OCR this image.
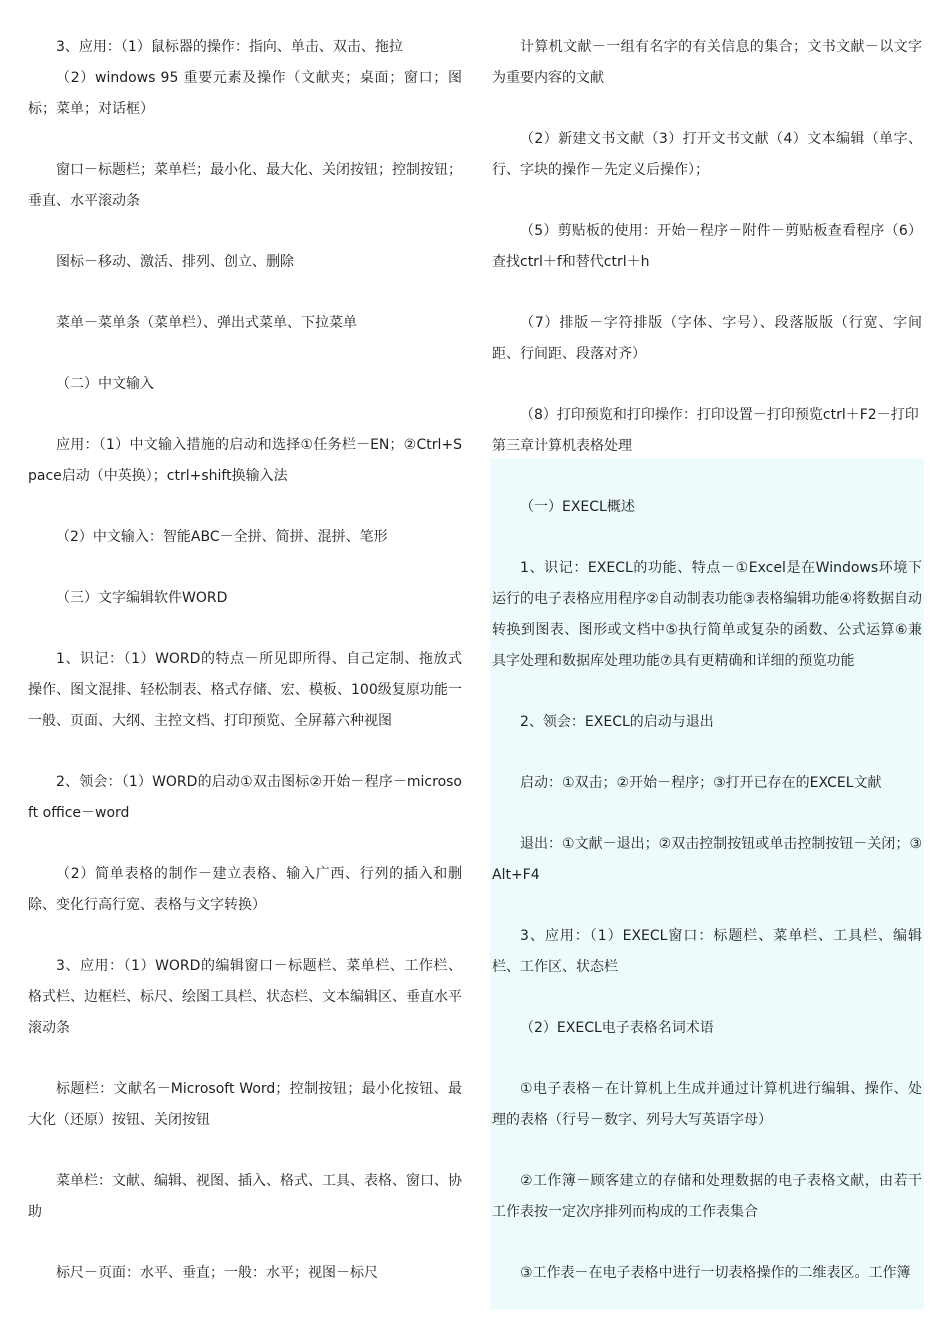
3、应用：（1）鼠标器的操作：指向、单击、双击、拖拉

（2）windows 95 重要元素及操作（文献夹；桌面；窗口；图标；菜单；对话框）

窗口－标题栏；菜单栏；最小化、最大化、关闭按钮；控制按钮；垂直、水平滚动条

图标－移动、激活、排列、创立、删除

菜单－菜单条（菜单栏）、弹出式菜单、下拉菜单

（二）中文输入

应用：（1）中文输入措施的启动和选择①任务栏－EN；②Ctrl+Space启动（中英换）；ctrl+shift换输入法

（2）中文输入：智能ABC－全拼、简拼、混拼、笔形

（三）文字编辑软件WORD

1、识记：（1）WORD的特点－所见即所得、自己定制、拖放式操作、图文混排、轻松制表、格式存储、宏、模板、100级复原功能一一般、页面、大纲、主控文档、打印预览、全屏幕六种视图

2、领会：（1）WORD的启动①双击图标②开始－程序－microsoft office－word

（2）简单表格的制作－建立表格、输入广西、行列的插入和删除、变化行高行宽、表格与文字转换）

3、应用：（1）WORD的编辑窗口－标题栏、菜单栏、工作栏、格式栏、边框栏、标尺、绘图工具栏、状态栏、文本编辑区、垂直水平滚动条

标题栏：文献名－Microsoft Word；控制按钮；最小化按钮、最大化（还原）按钮、关闭按钮

菜单栏：文献、编辑、视图、插入、格式、工具、表格、窗口、协助

标尺－页面：水平、垂直；一般：水平；视图－标尺

计算机文献－一组有名字的有关信息的集合；文书文献－以文字为重要内容的文献

（2）新建文书文献（3）打开文书文献（4）文本编辑（单字、行、字块的操作－先定义后操作）；

（5）剪贴板的使用：开始－程序－附件－剪贴板查看程序（6）查找ctrl＋f和替代ctrl＋h

（7）排版－字符排版（字体、字号）、段落版版（行宽、字间距、行间距、段落对齐）

（8）打印预览和打印操作：打印设置－打印预览ctrl＋F2－打印

第三章计算机表格处理

（一）EXECL概述

1、识记：EXECL的功能、特点－①Excel是在Windows环境下运行的电子表格应用程序②自动制表功能③表格编辑功能④将数据自动转换到图表、图形或文档中⑤执行简单或复杂的函数、公式运算⑥兼具字处理和数据库处理功能⑦具有更精确和详细的预览功能

2、领会：EXECL的启动与退出

启动：①双击；②开始－程序；③打开已存在的EXCEL文献

退出：①文献－退出；②双击控制按钮或单击控制按钮－关闭；③Alt+F4

3、应用：（1）EXECL窗口：标题栏、菜单栏、工具栏、编辑栏、工作区、状态栏

（2）EXECL电子表格名词术语

①电子表格－在计算机上生成并通过计算机进行编辑、操作、处理的表格（行号－数字、列号大写英语字母）

②工作簿－顾客建立的存储和处理数据的电子表格文献，由若干工作表按一定次序排列而构成的工作表集合

③工作表－在电子表格中进行一切表格操作的二维表区。工作簿
